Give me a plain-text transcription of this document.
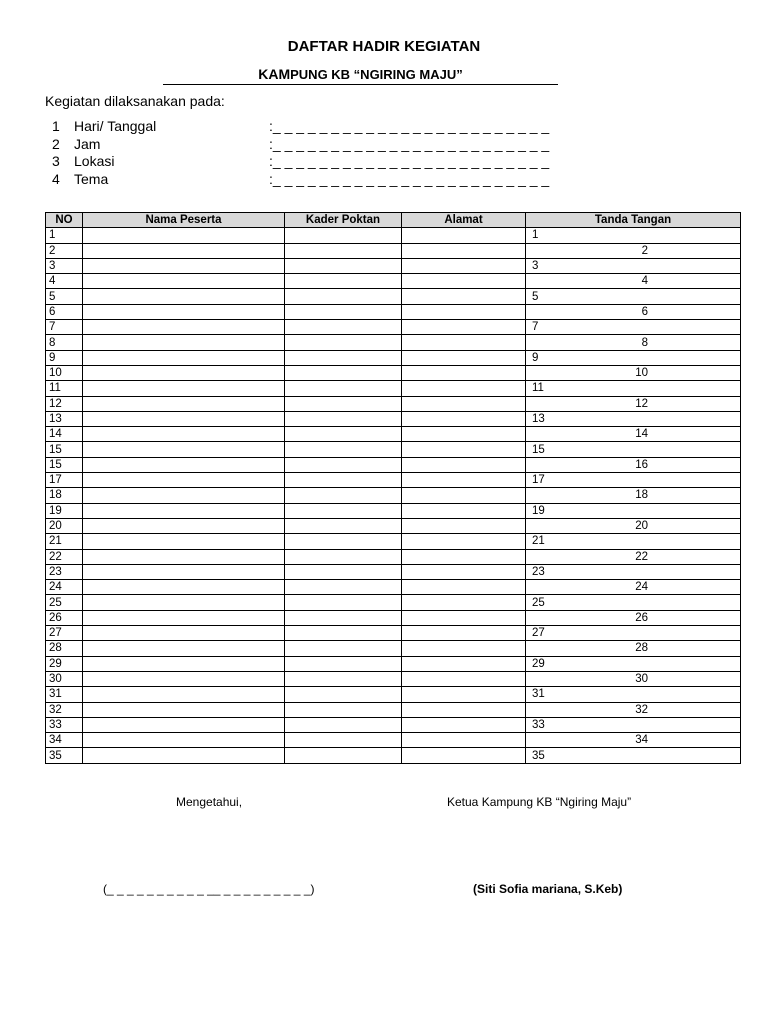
DAFTAR HADIR KEGIATAN
KAMPUNG KB “NGIRING MAJU”
Kegiatan dilaksanakan pada:
1 Hari/ Tanggal	:_ _ _ _ _ _ _ _ _ _ _ _ _ _ _ _ _ _ _ _ _ _ _ _
2 Jam	:_ _ _ _ _ _ _ _ _ _ _ _ _ _ _ _ _ _ _ _ _ _ _ _
3 Lokasi	:_ _ _ _ _ _ _ _ _ _ _ _ _ _ _ _ _ _ _ _ _ _ _ _
4 Tema	:_ _ _ _ _ _ _ _ _ _ _ _ _ _ _ _ _ _ _ _ _ _ _ _
NO	Nama Peserta	Kader Poktan	Alamat	Tanda Tangan
1				1
2				2
3				3
4				4
5				5
6				6
7				7
8				8
9				9
10				10
11				11
12				12
13				13
14				14
15				15
15				16
17				17
18				18
19				19
20				20
21				21
22				22
23				23
24				24
25				25
26				26
27				27
28				28
29				29
30				30
31				31
32				32
33				33
34				34
35				35
Mengetahui,	Ketua Kampung KB “Ngiring Maju”
(_ _ _ _ _ _ _ _ _ _ __ _ _ _ _ _ _ _ _ _)	(Siti Sofia mariana, S.Keb)
